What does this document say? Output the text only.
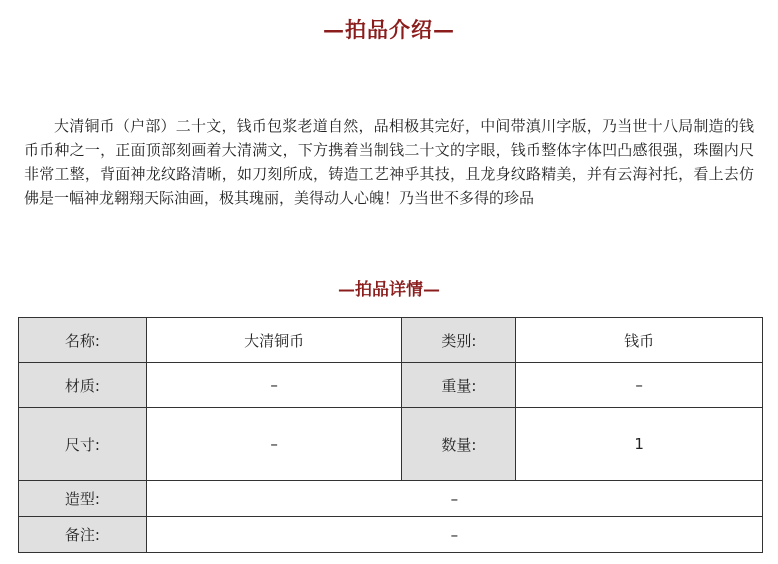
—拍品介绍—

大清铜币（户部）二十文，钱币包浆老道自然，品相极其完好，中间带滇川字版，乃当世十八局制造的钱币币种之一，正面顶部刻画着大清满文，下方携着当制钱二十文的字眼，钱币整体字体凹凸感很强，珠圈内尺非常工整，背面神龙纹路清晰，如刀刻所成，铸造工艺神乎其技，且龙身纹路精美，并有云海衬托，看上去仿佛是一幅神龙翱翔天际油画，极其瑰丽，美得动人心魄！乃当世不多得的珍品

—拍品详情—
名称:	大清铜币	类别:	钱币
材质:	–	重量:	–
尺寸:	–	数量:	1
造型:	–		
备注:	–		
